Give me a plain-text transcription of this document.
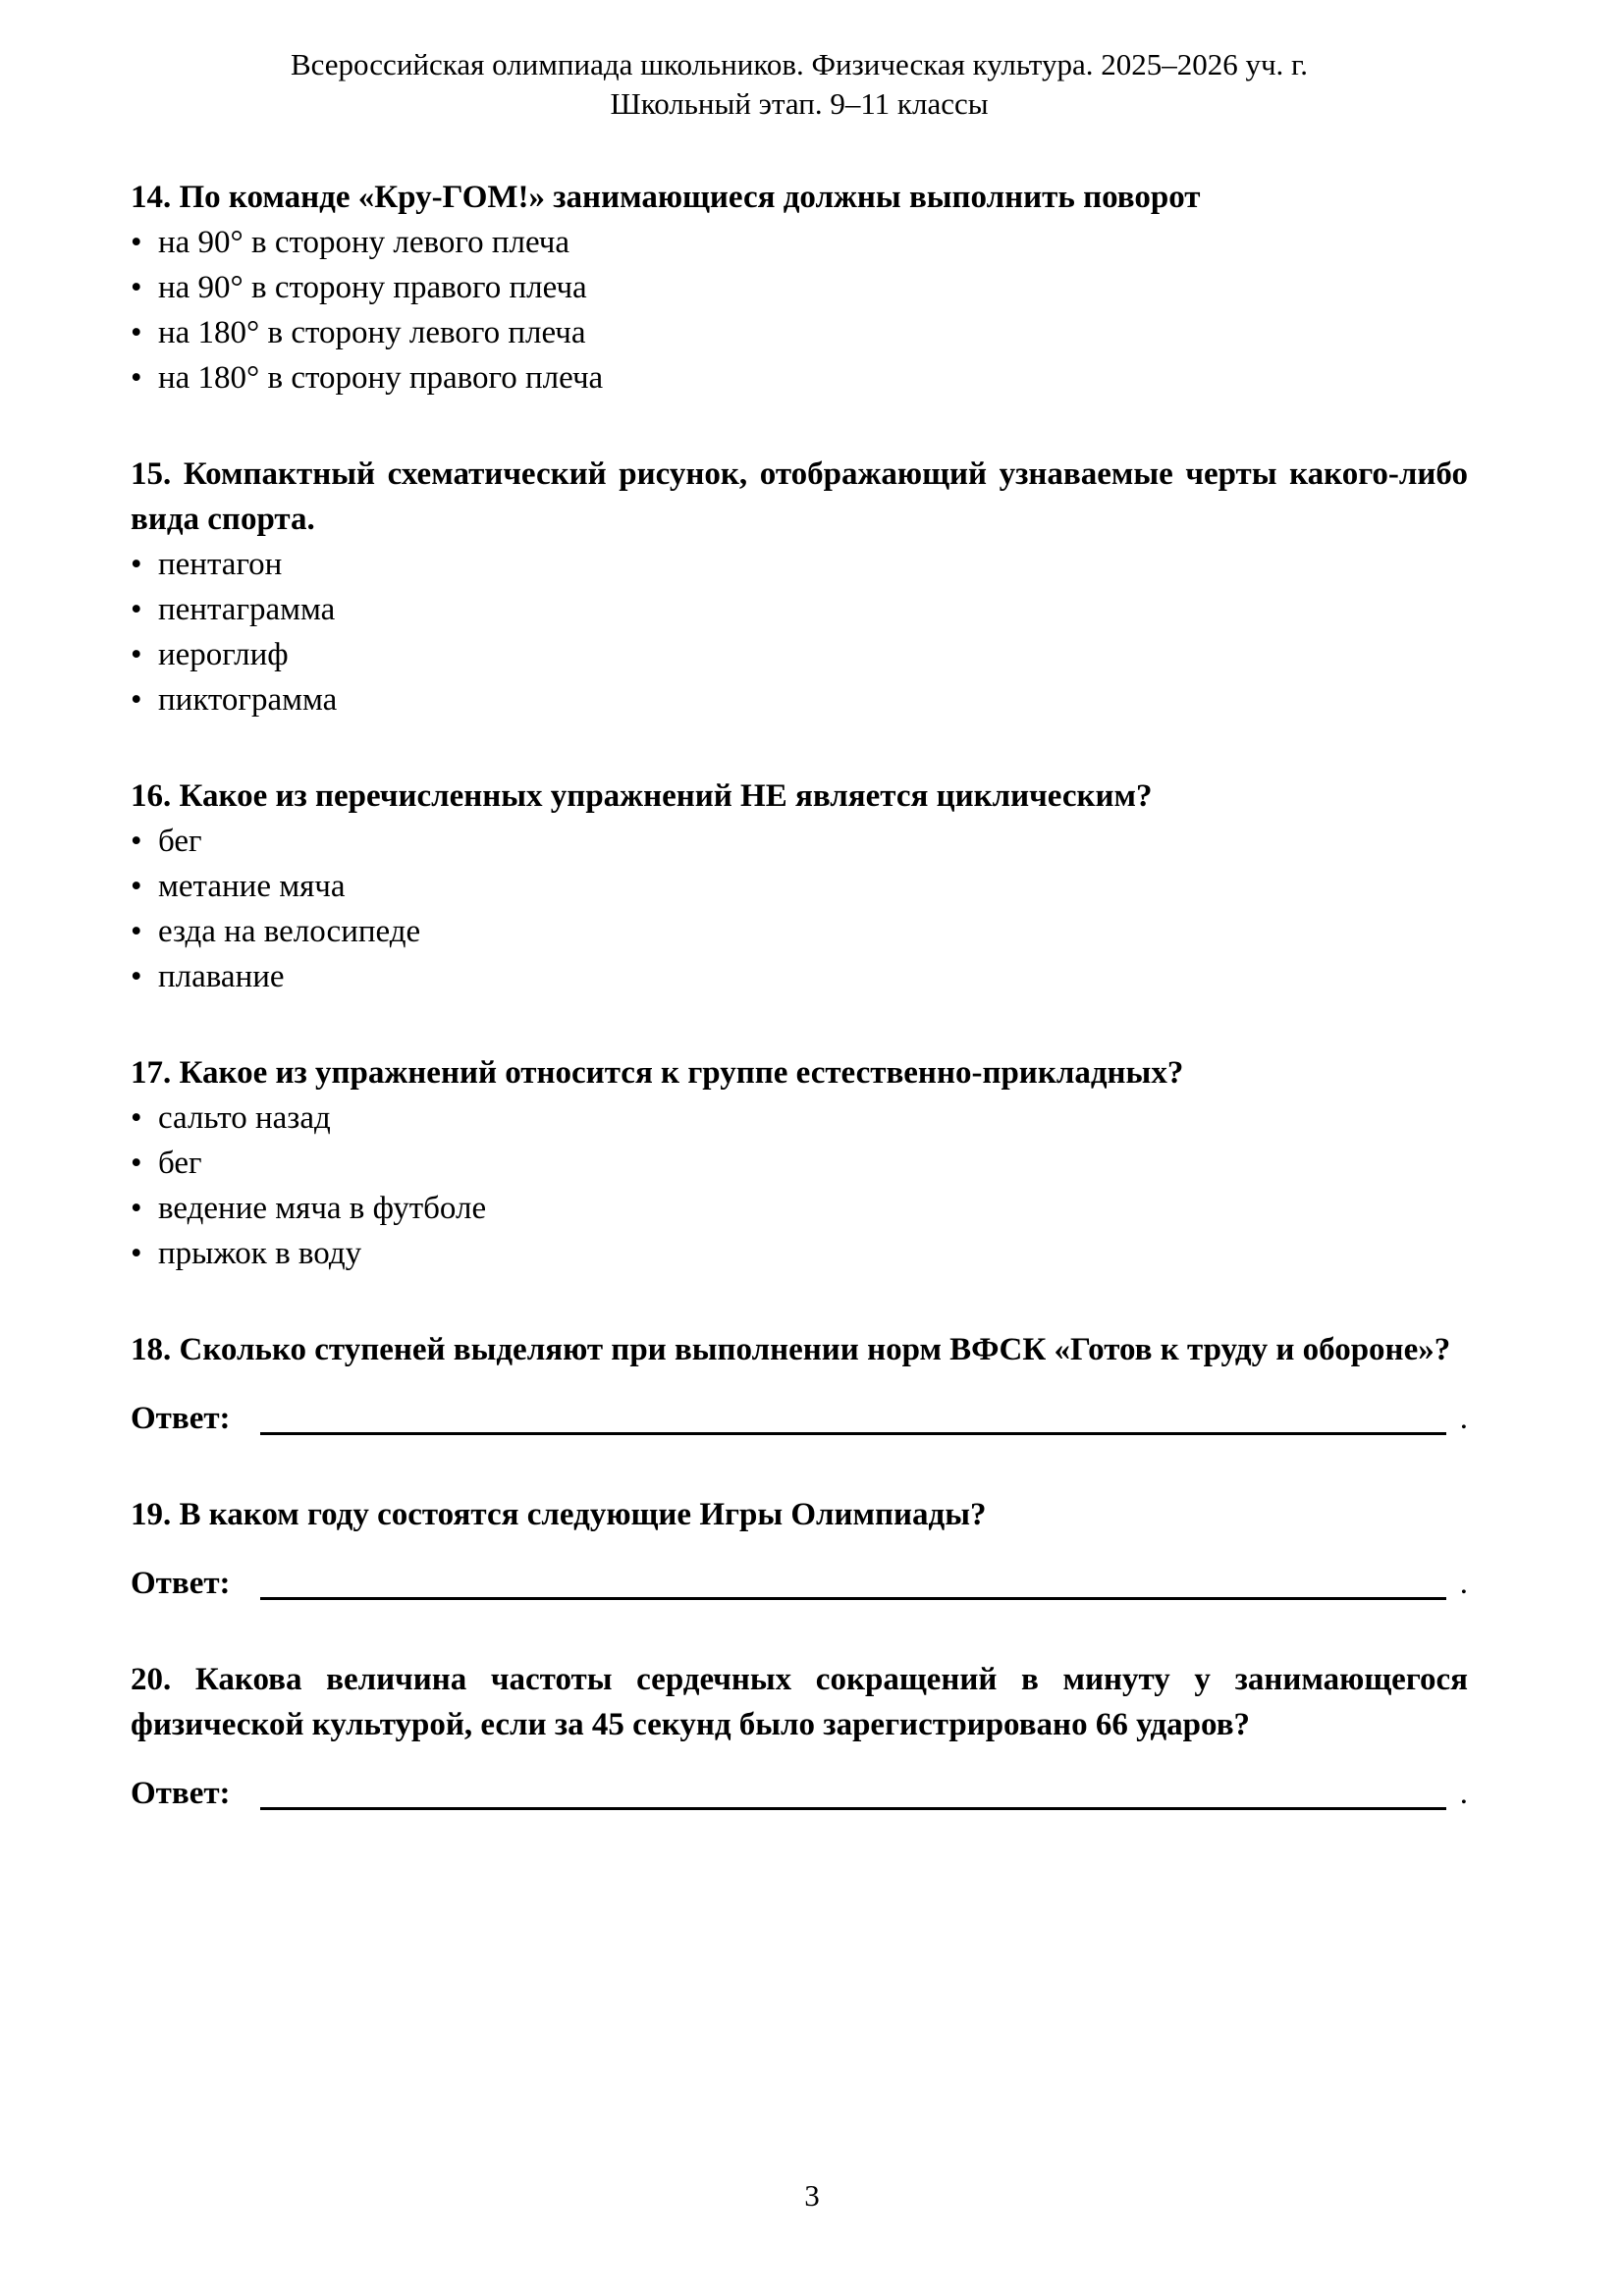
Всероссийская олимпиада школьников. Физическая культура. 2025–2026 уч. г.
Школьный этап. 9–11 классы
14. По команде «Кру-ГОМ!» занимающиеся должны выполнить поворот
• на 90° в сторону левого плеча
• на 90° в сторону правого плеча
• на 180° в сторону левого плеча
• на 180° в сторону правого плеча
15. Компактный схематический рисунок, отображающий узнаваемые черты какого-либо вида спорта.
• пентагон
• пентаграмма
• иероглиф
• пиктограмма
16. Какое из перечисленных упражнений НЕ является циклическим?
• бег
• метание мяча
• езда на велосипеде
• плавание
17. Какое из упражнений относится к группе естественно-прикладных?
• сальто назад
• бег
• ведение мяча в футболе
• прыжок в воду
18. Сколько ступеней выделяют при выполнении норм ВФСК «Готов к труду и обороне»?
Ответ:	.
19. В каком году состоятся следующие Игры Олимпиады?
Ответ:	.
20. Какова величина частоты сердечных сокращений в минуту у занимающегося физической культурой, если за 45 секунд было зарегистрировано 66 ударов?
Ответ:	.
3
